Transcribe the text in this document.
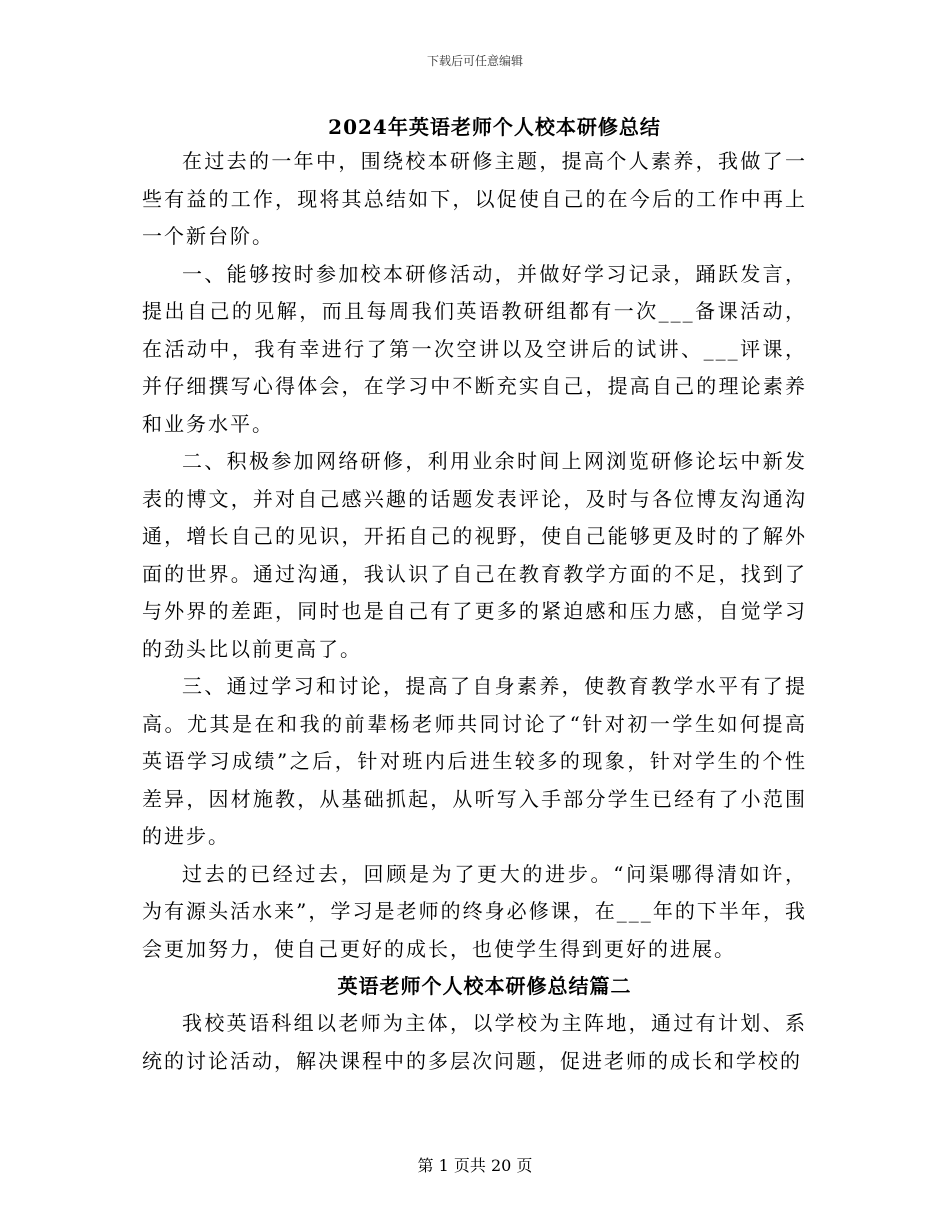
下载后可任意编辑
2024年英语老师个人校本研修总结

在过去的一年中，围绕校本研修主题，提高个人素养，我做了一些有益的工作，现将其总结如下，以促使自己的在今后的工作中再上一个新台阶。

一、能够按时参加校本研修活动，并做好学习记录，踊跃发言，提出自己的见解，而且每周我们英语教研组都有一次___备课活动，在活动中，我有幸进行了第一次空讲以及空讲后的试讲、___评课，并仔细撰写心得体会，在学习中不断充实自己，提高自己的理论素养和业务水平。

二、积极参加网络研修，利用业余时间上网浏览研修论坛中新发表的博文，并对自己感兴趣的话题发表评论，及时与各位博友沟通沟通，增长自己的见识，开拓自己的视野，使自己能够更及时的了解外面的世界。通过沟通，我认识了自己在教育教学方面的不足，找到了与外界的差距，同时也是自己有了更多的紧迫感和压力感，自觉学习的劲头比以前更高了。

三、通过学习和讨论，提高了自身素养，使教育教学水平有了提高。尤其是在和我的前辈杨老师共同讨论了“针对初一学生如何提高英语学习成绩”之后，针对班内后进生较多的现象，针对学生的个性差异，因材施教，从基础抓起，从听写入手部分学生已经有了小范围的进步。

过去的已经过去，回顾是为了更大的进步。“问渠哪得清如许，为有源头活水来”，学习是老师的终身必修课，在___年的下半年，我会更加努力，使自己更好的成长，也使学生得到更好的进展。

英语老师个人校本研修总结篇二

我校英语科组以老师为主体，以学校为主阵地，通过有计划、系统的讨论活动，解决课程中的多层次问题，促进老师的成长和学校的

第 1 页共 20 页
